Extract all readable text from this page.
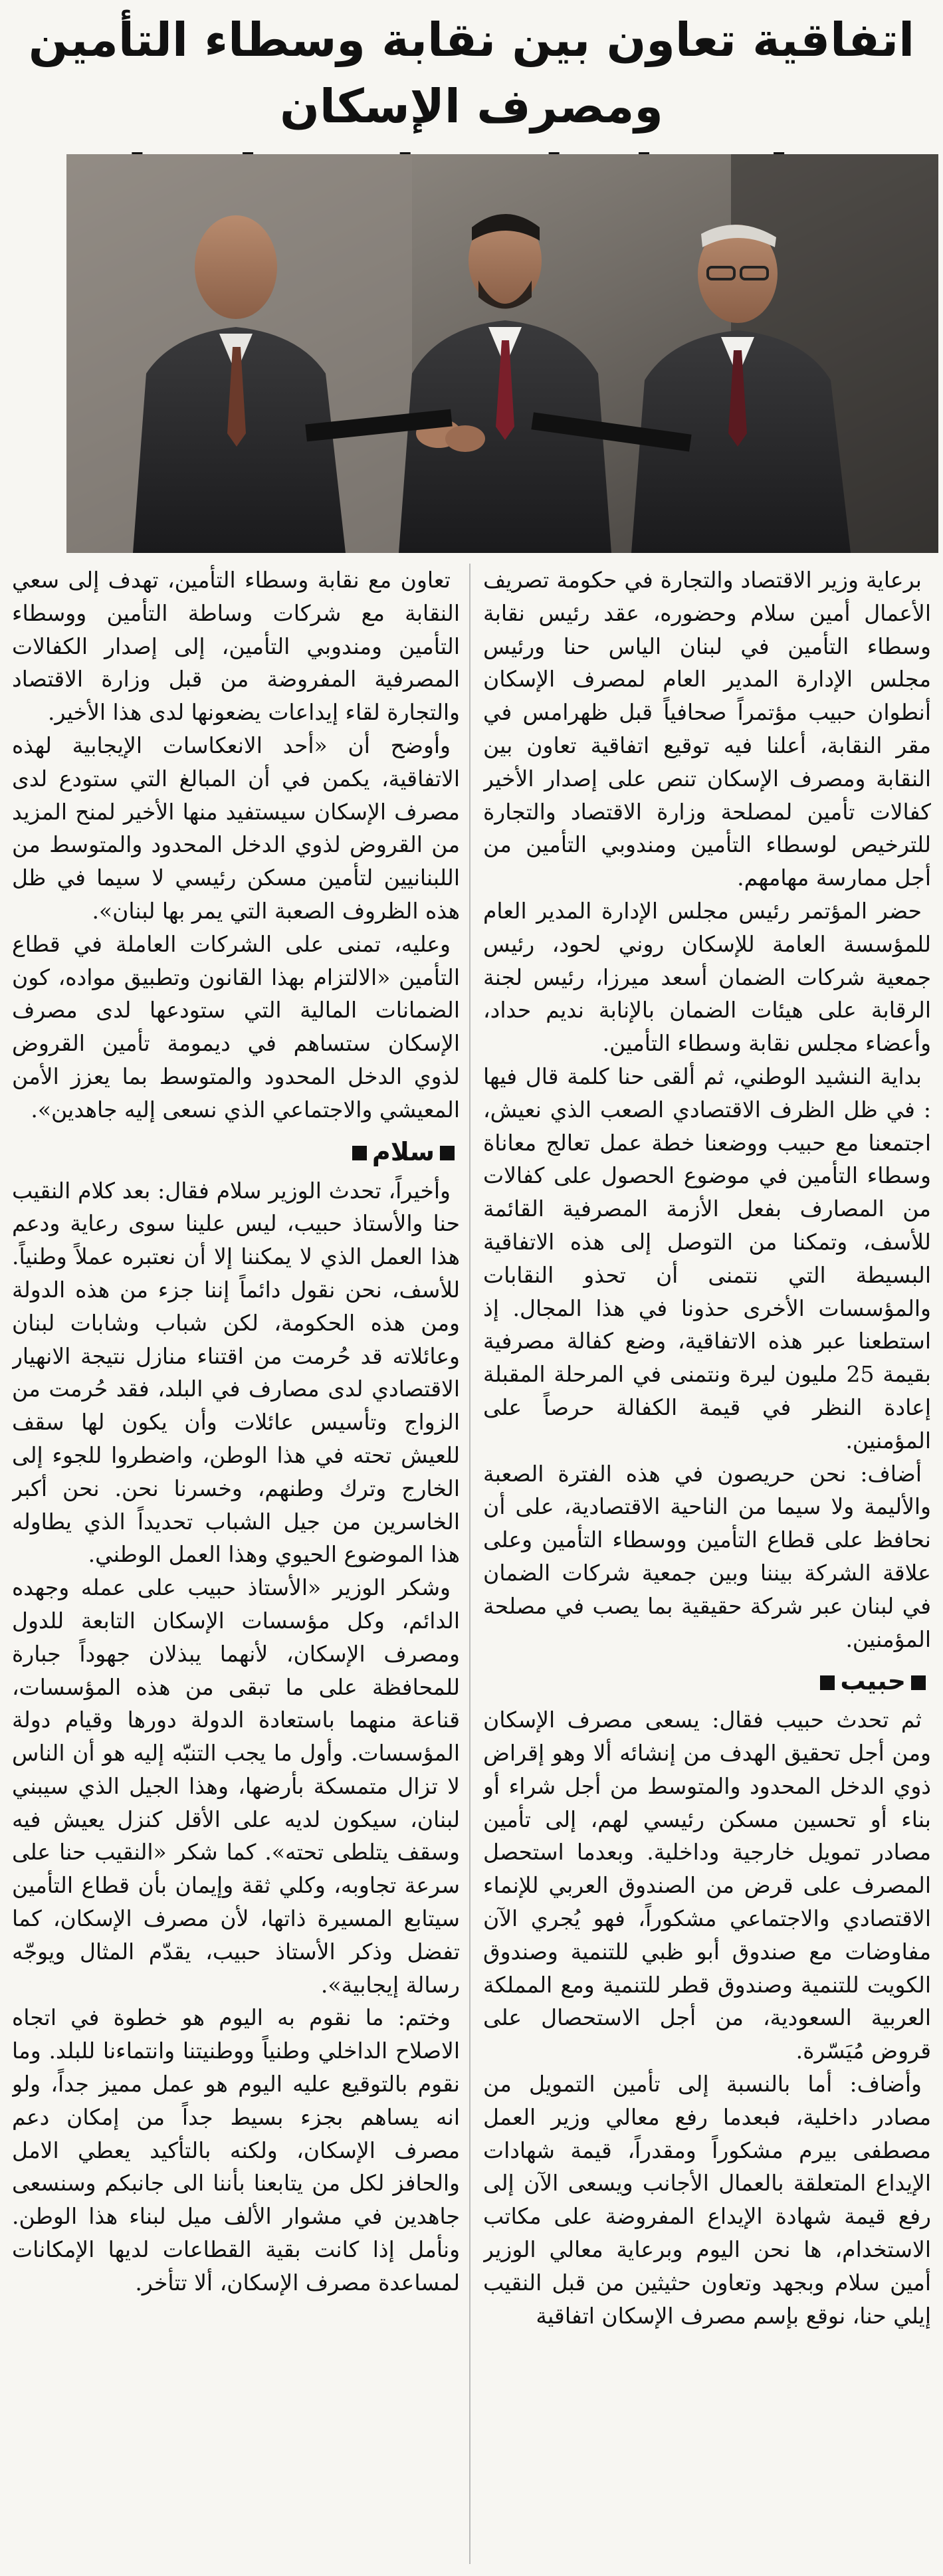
اتفاقية تعاون بين نقابة وسطاء التأمين ومصرف الإسكان

برعاية وزير الاقتصاد والتجارة في حكومة تصريف الأعمال أمين سلام وحضوره، عقد رئيس نقابة وسطاء التأمين في لبنان الياس حنا ورئيس مجلس الإدارة المدير العام لمصرف الإسكان أنطوان حبيب مؤتمراً صحافياً قبل ظهرامس في مقر النقابة، أعلنا فيه توقيع اتفاقية تعاون بين النقابة ومصرف الإسكان تنص على إصدار الأخير كفالات تأمين لمصلحة وزارة الاقتصاد والتجارة للترخيص لوسطاء التأمين ومندوبي التأمين من أجل ممارسة مهامهم.

حضر المؤتمر رئيس مجلس الإدارة المدير العام للمؤسسة العامة للإسكان روني لحود، رئيس جمعية شركات الضمان أسعد ميرزا، رئيس لجنة الرقابة على هيئات الضمان بالإنابة نديم حداد، وأعضاء مجلس نقابة وسطاء التأمين.

بداية النشيد الوطني، ثم ألقى حنا كلمة قال فيها : في ظل الظرف الاقتصادي الصعب الذي نعيش، اجتمعنا مع حبيب ووضعنا خطة عمل تعالج معاناة وسطاء التأمين في موضوع الحصول على كفالات من المصارف بفعل الأزمة المصرفية القائمة للأسف، وتمكنا من التوصل إلى هذه الاتفاقية البسيطة التي نتمنى أن تحذو النقابات والمؤسسات الأخرى حذونا في هذا المجال. إذ استطعنا عبر هذه الاتفاقية، وضع كفالة مصرفية بقيمة 25 مليون ليرة ونتمنى في المرحلة المقبلة إعادة النظر في قيمة الكفالة حرصاً على المؤمنين.

أضاف: نحن حريصون في هذه الفترة الصعبة والأليمة ولا سيما من الناحية الاقتصادية، على أن نحافظ على قطاع التأمين ووسطاء التأمين وعلى علاقة الشركة بيننا وبين جمعية شركات الضمان في لبنان عبر شركة حقيقية بما يصب في مصلحة المؤمنين.

حبيب

ثم تحدث حبيب فقال: يسعى مصرف الإسكان ومن أجل تحقيق الهدف من إنشائه ألا وهو إقراض ذوي الدخل المحدود والمتوسط من أجل شراء أو بناء أو تحسين مسكن رئيسي لهم، إلى تأمين مصادر تمويل خارجية وداخلية. وبعدما استحصل المصرف على قرض من الصندوق العربي للإنماء الاقتصادي والاجتماعي مشكوراً، فهو يُجري الآن مفاوضات مع صندوق أبو ظبي للتنمية وصندوق الكويت للتنمية وصندوق قطر للتنمية ومع المملكة العربية السعودية، من أجل الاستحصال على قروض مُيَسّرة.

وأضاف: أما بالنسبة إلى تأمين التمويل من مصادر داخلية، فبعدما رفع معالي وزير العمل مصطفى بيرم مشكوراً ومقدراً، قيمة شهادات الإيداع المتعلقة بالعمال الأجانب ويسعى الآن إلى رفع قيمة شهادة الإيداع المفروضة على مكاتب الاستخدام، ها نحن اليوم وبرعاية معالي الوزير أمين سلام وبجهد وتعاون حثيثين من قبل النقيب إيلي حنا، نوقع بإسم مصرف الإسكان اتفاقية

تعاون مع نقابة وسطاء التأمين، تهدف إلى سعي النقابة مع شركات وساطة التأمين ووسطاء التأمين ومندوبي التأمين، إلى إصدار الكفالات المصرفية المفروضة من قبل وزارة الاقتصاد والتجارة لقاء إيداعات يضعونها لدى هذا الأخير.

وأوضح أن «أحد الانعكاسات الإيجابية لهذه الاتفاقية، يكمن في أن المبالغ التي ستودع لدى مصرف الإسكان سيستفيد منها الأخير لمنح المزيد من القروض لذوي الدخل المحدود والمتوسط من اللبنانيين لتأمين مسكن رئيسي لا سيما في ظل هذه الظروف الصعبة التي يمر بها لبنان».

وعليه، تمنى على الشركات العاملة في قطاع التأمين «الالتزام بهذا القانون وتطبيق مواده، كون الضمانات المالية التي ستودعها لدى مصرف الإسكان ستساهم في ديمومة تأمين القروض لذوي الدخل المحدود والمتوسط بما يعزز الأمن المعيشي والاجتماعي الذي نسعى إليه جاهدين».

سلام

وأخيراً، تحدث الوزير سلام فقال: بعد كلام النقيب حنا والأستاذ حبيب، ليس علينا سوى رعاية ودعم هذا العمل الذي لا يمكننا إلا أن نعتبره عملاً وطنياً. للأسف، نحن نقول دائماً إننا جزء من هذه الدولة ومن هذه الحكومة، لكن شباب وشابات لبنان وعائلاته قد حُرمت من اقتناء منازل نتيجة الانهيار الاقتصادي لدى مصارف في البلد، فقد حُرمت من الزواج وتأسيس عائلات وأن يكون لها سقف للعيش تحته في هذا الوطن، واضطروا للجوء إلى الخارج وترك وطنهم، وخسرنا نحن. نحن أكبر الخاسرين من جيل الشباب تحديداً الذي يطاوله هذا الموضوع الحيوي وهذا العمل الوطني.

وشكر الوزير «الأستاذ حبيب على عمله وجهده الدائم، وكل مؤسسات الإسكان التابعة للدول ومصرف الإسكان، لأنهما يبذلان جهوداً جبارة للمحافظة على ما تبقى من هذه المؤسسات، قناعة منهما باستعادة الدولة دورها وقيام دولة المؤسسات. وأول ما يجب التنبّه إليه هو أن الناس لا تزال متمسكة بأرضها، وهذا الجيل الذي سيبني لبنان، سيكون لديه على الأقل كنزل يعيش فيه وسقف يتلطى تحته». كما شكر «النقيب حنا على سرعة تجاوبه، وكلي ثقة وإيمان بأن قطاع التأمين سيتابع المسيرة ذاتها، لأن مصرف الإسكان، كما تفضل وذكر الأستاذ حبيب، يقدّم المثال ويوجّه رسالة إيجابية».

وختم: ما نقوم به اليوم هو خطوة في اتجاه الاصلاح الداخلي وطنياً ووطنيتنا وانتماءنا للبلد. وما نقوم بالتوقيع عليه اليوم هو عمل مميز جداً، ولو انه يساهم بجزء بسيط جداً من إمكان دعم مصرف الإسكان، ولكنه بالتأكيد يعطي الامل والحافز لكل من يتابعنا بأننا الى جانبكم وسنسعى جاهدين في مشوار الألف ميل لبناء هذا الوطن. ونأمل إذا كانت بقية القطاعات لديها الإمكانات لمساعدة مصرف الإسكان، ألا تتأخر.
